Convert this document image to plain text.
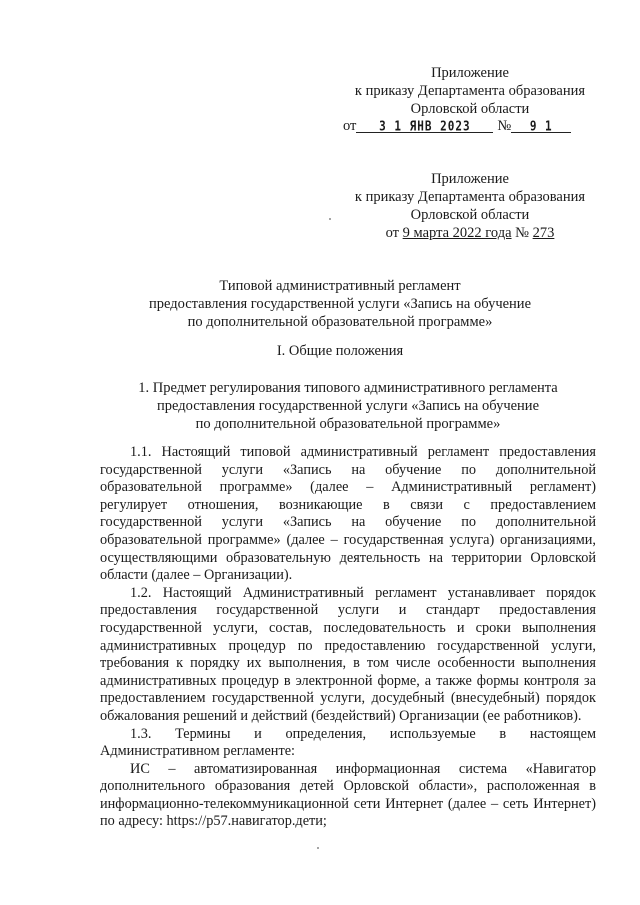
Приложение
к приказу Департамента образования
Орловской области
от 3 1 ЯНВ 2023 № 9 1
Приложение
к приказу Департамента образования
Орловской области
от 9 марта 2022 года № 273
Типовой административный регламент
предоставления государственной услуги «Запись на обучение
по дополнительной образовательной программе»
I. Общие положения
1. Предмет регулирования типового административного регламента
предоставления государственной услуги «Запись на обучение
по дополнительной образовательной программе»

1.1. Настоящий типовой административный регламент предоставления государственной услуги «Запись на обучение по дополнительной образовательной программе» (далее – Административный регламент) регулирует отношения, возникающие в связи с предоставлением государственной услуги «Запись на обучение по дополнительной образовательной программе» (далее – государственная услуга) организациями, осуществляющими образовательную деятельность на территории Орловской области (далее – Организации).

1.2. Настоящий Административный регламент устанавливает порядок предоставления государственной услуги и стандарт предоставления государственной услуги, состав, последовательность и сроки выполнения административных процедур по предоставлению государственной услуги, требования к порядку их выполнения, в том числе особенности выполнения административных процедур в электронной форме, а также формы контроля за предоставлением государственной услуги, досудебный (внесудебный) порядок обжалования решений и действий (бездействий) Организации (ее работников).

1.3. Термины и определения, используемые в настоящем Административном регламенте:

ИС – автоматизированная информационная система «Навигатор дополнительного образования детей Орловской области», расположенная в информационно-телекоммуникационной сети Интернет (далее – сеть Интернет) по адресу: https://p57.навигатор.дети;
